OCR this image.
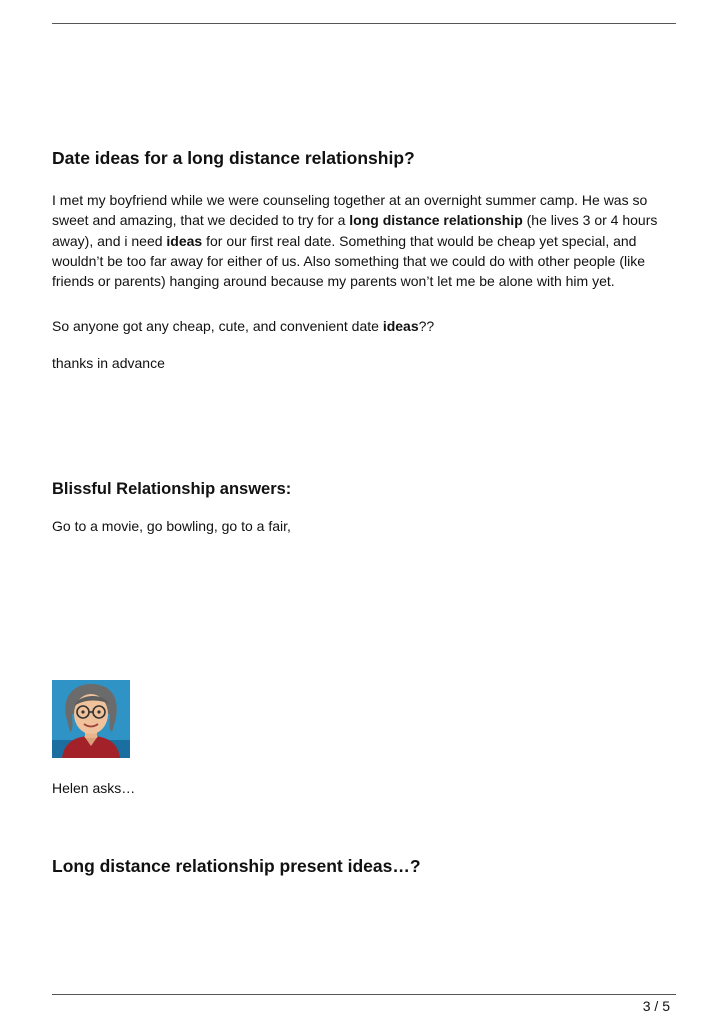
Date ideas for a long distance relationship?

I met my boyfriend while we were counseling together at an overnight summer camp. He was so sweet and amazing, that we decided to try for a long distance relationship (he lives 3 or 4 hours away), and i need ideas for our first real date. Something that would be cheap yet special, and wouldn’t be too far away for either of us. Also something that we could do with other people (like friends or parents) hanging around because my parents won’t let me be alone with him yet.

So anyone got any cheap, cute, and convenient date ideas??

thanks in advance

Blissful Relationship answers:

Go to a movie, go bowling, go to a fair,

Helen asks…

Long distance relationship present ideas…?
3 / 5
